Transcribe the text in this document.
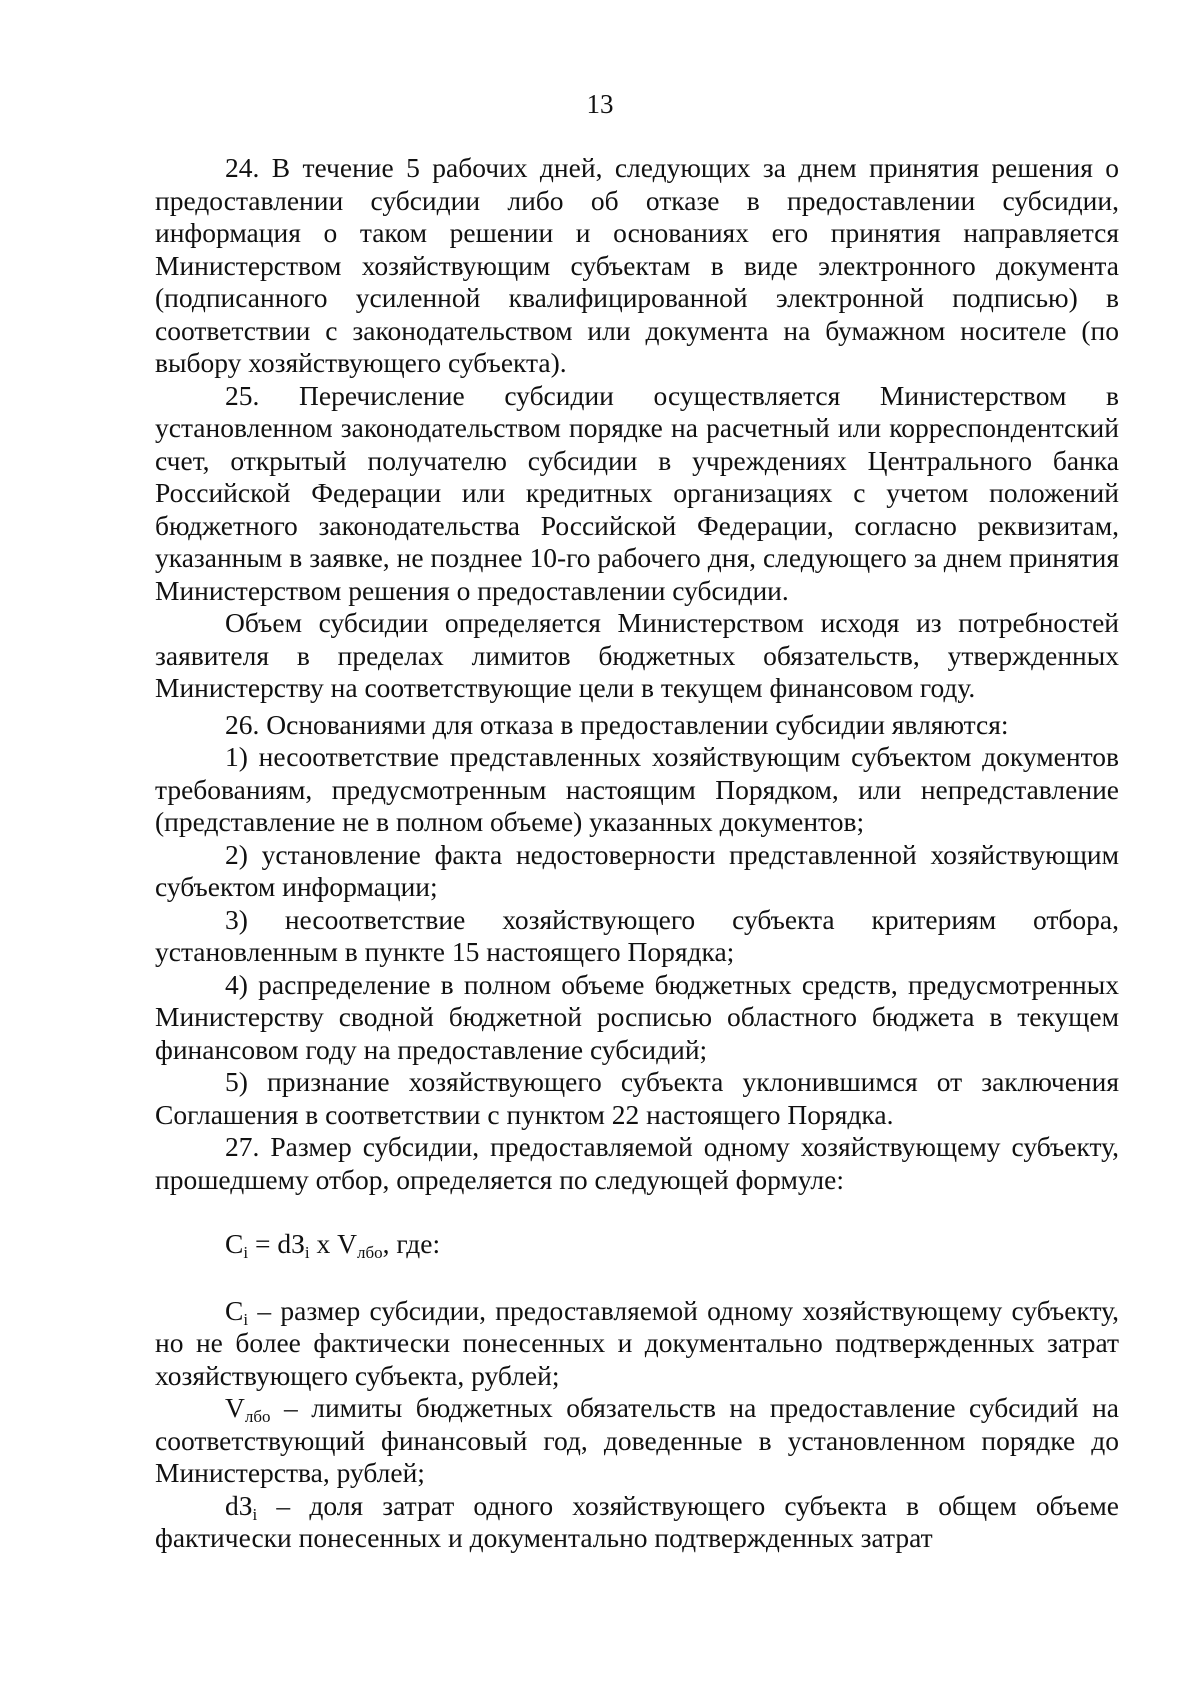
13

24. В течение 5 рабочих дней, следующих за днем принятия решения о предоставлении субсидии либо об отказе в предоставлении субсидии, информация о таком решении и основаниях его принятия направляется Министерством хозяйствующим субъектам в виде электронного документа (подписанного усиленной квалифицированной электронной подписью) в соответствии с законодательством или документа на бумажном носителе (по выбору хозяйствующего субъекта).

25. Перечисление субсидии осуществляется Министерством в установленном законодательством порядке на расчетный или корреспондентский счет, открытый получателю субсидии в учреждениях Центрального банка Российской Федерации или кредитных организациях с учетом положений бюджетного законодательства Российской Федерации, согласно реквизитам, указанным в заявке, не позднее 10-го рабочего дня, следующего за днем принятия Министерством решения о предоставлении субсидии.

Объем субсидии определяется Министерством исходя из потребностей заявителя в пределах лимитов бюджетных обязательств, утвержденных Министерству на соответствующие цели в текущем финансовом году.

26. Основаниями для отказа в предоставлении субсидии являются:

1) несоответствие представленных хозяйствующим субъектом документов требованиям, предусмотренным настоящим Порядком, или непредставление (представление не в полном объеме) указанных документов;

2) установление факта недостоверности представленной хозяйствующим субъектом информации;

3) несоответствие хозяйствующего субъекта критериям отбора, установленным в пункте 15 настоящего Порядка;

4) распределение в полном объеме бюджетных средств, предусмотренных Министерству сводной бюджетной росписью областного бюджета в текущем финансовом году на предоставление субсидий;

5) признание хозяйствующего субъекта уклонившимся от заключения Соглашения в соответствии с пунктом 22 настоящего Порядка.

27. Размер субсидии, предоставляемой одному хозяйствующему субъекту, прошедшему отбор, определяется по следующей формуле:

$C_i = dЗ_i$ х $V_{лбо}$, где:

$C_i$ – размер субсидии, предоставляемой одному хозяйствующему субъекту, но не более фактически понесенных и документально подтвержденных затрат хозяйствующего субъекта, рублей;

$V_{лбо}$ – лимиты бюджетных обязательств на предоставление субсидий на соответствующий финансовый год, доведенные в установленном порядке до Министерства, рублей;

$dЗ_i$ – доля затрат одного хозяйствующего субъекта в общем объеме фактически понесенных и документально подтвержденных затрат
